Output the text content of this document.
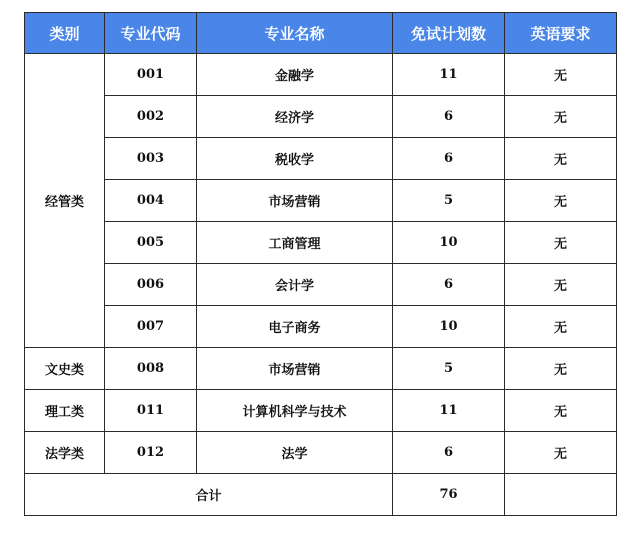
类别	专业代码	专业名称	免试计划数	英语要求
经管类	001	金融学	11	无
	002	经济学	6	无
	003	税收学	6	无
	004	市场营销	5	无
	005	工商管理	10	无
	006	会计学	6	无
	007	电子商务	10	无
文史类	008	市场营销	5	无
理工类	011	计算机科学与技术	11	无
法学类	012	法学	6	无
合计			76	
